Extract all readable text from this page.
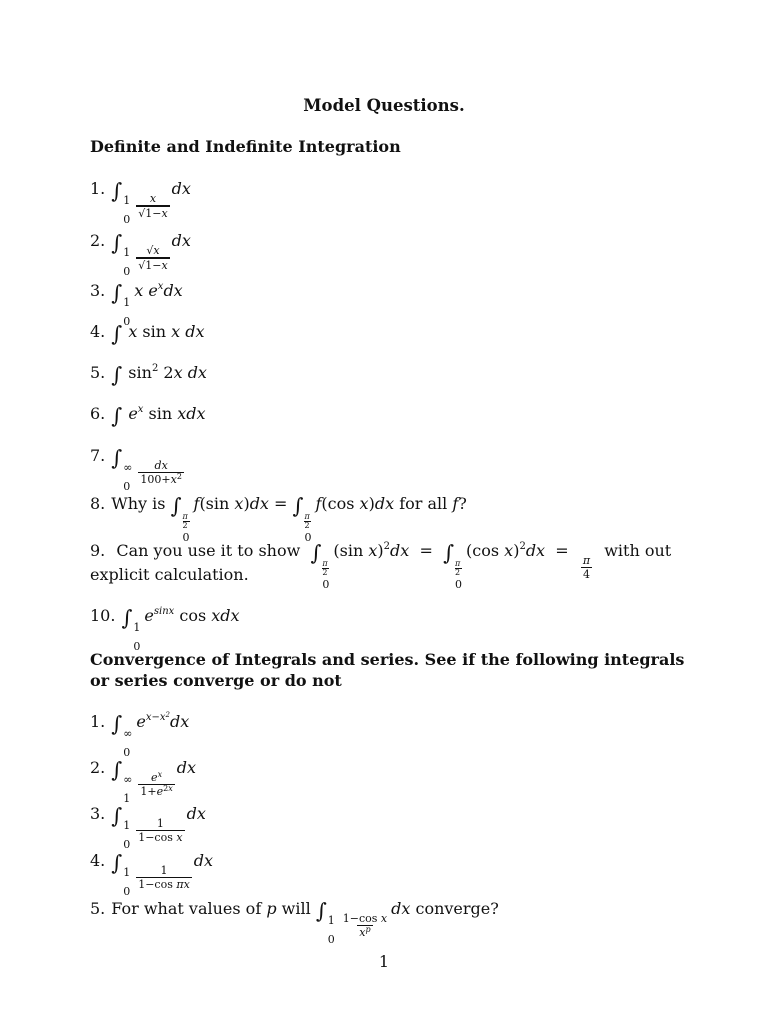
Model Questions.
Definite and Indefinite Integration
1. ∫ 1
0
$\frac{x}{√1-x}$
dx
2. ∫ 1
0
$\frac{√x}{√1-x}$
dx
3. ∫ 1
0
x $e^xdx$
4. ∫ x sin x dx
5. ∫ $\sin^2 2x$ dx
6. ∫ $e^x$ sin xdx
7. ∫ ∞
0
$\frac{dx}{100+x^2}$
8. Why is ∫ π
2
0
f(sin x)dx = ∫ π
2
0
f(cos x)dx for all f?
9. Can you use it to show ∫ π
2
0
(sin x)$^2$dx  =  ∫ π
2
0
(cos x)$^2$dx  =
$\frac{\pi}{4}$
with out
explicit calculation.
10. ∫ 1
0
$e^{sinx}$ cos xdx
Convergence of Integrals and series. See if the following integrals
or series converge or do not
1. ∫ ∞
0
$e^{x-x^2}dx$
2. ∫ ∞
1
$\frac{e^x}{1+e^{2x}}$
dx
3. ∫ 1
0
$\frac{1}{\text{1−cos x}}$
dx
4. ∫ 1
0
$\frac{1}{\text{1−cos πx}}$
dx
5. For what values of p will ∫ 1
0
$\frac{\text{1−cos x}}{x^p}$
dx converge?
1
